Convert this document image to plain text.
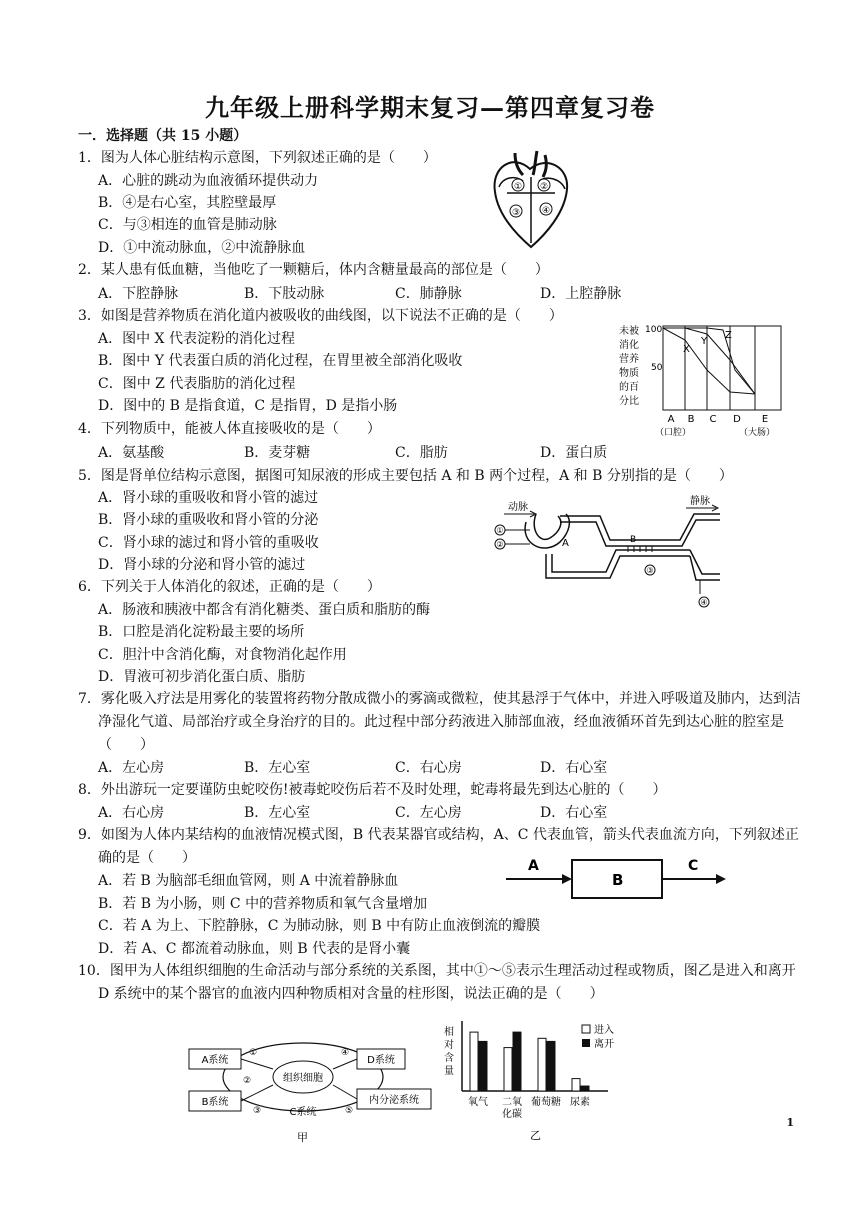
九年级上册科学期末复习—第四章复习卷
一．选择题（共 15 小题）
1．图为人体心脏结构示意图，下列叙述正确的是（　　）
A．心脏的跳动为血液循环提供动力
B．④是右心室，其腔壁最厚
C．与③相连的血管是肺动脉
D．①中流动脉血，②中流静脉血
① ②
③ ④
2．某人患有低血糖，当他吃了一颗糖后，体内含糖量最高的部位是（　　）
A．下腔静脉	B．下肢动脉	C．肺静脉	D．上腔静脉
3．如图是营养物质在消化道内被吸收的曲线图，以下说法不正确的是（　　）
A．图中 X 代表淀粉的消化过程
B．图中 Y 代表蛋白质的消化过程，在胃里被全部消化吸收
C．图中 Z 代表脂肪的消化过程
D．图中的 B 是指食道，C 是指胃，D 是指小肠
未被
消化
营养
物质
的百
分比
100
50
X
Y
Z
A B C D E
（口腔）	（大肠）
4．下列物质中，能被人体直接吸收的是（　　）
A．氨基酸	B．麦芽糖	C．脂肪	D．蛋白质
5．图是肾单位结构示意图，据图可知尿液的形成主要包括 A 和 B 两个过程，A 和 B 分别指的是（　　）
A．肾小球的重吸收和肾小管的滤过
B．肾小球的重吸收和肾小管的分泌
C．肾小球的滤过和肾小管的重吸收
D．肾小球的分泌和肾小管的滤过
动脉
静脉
①
②	A	B
③
④
6．下列关于人体消化的叙述，正确的是（　　）
A．肠液和胰液中都含有消化糖类、蛋白质和脂肪的酶
B．口腔是消化淀粉最主要的场所
C．胆汁中含消化酶，对食物消化起作用
D．胃液可初步消化蛋白质、脂肪
7．雾化吸入疗法是用雾化的装置将药物分散成微小的雾滴或微粒，使其悬浮于气体中，并进入呼吸道及肺内，达到洁净湿化气道、局部治疗或全身治疗的目的。此过程中部分药液进入肺部血液，经血液循环首先到达心脏的腔室是（　　）
A．左心房	B．左心室	C．右心房	D．右心室
8．外出游玩一定要谨防虫蛇咬伤!被毒蛇咬伤后若不及时处理，蛇毒将最先到达心脏的（　　）
A．右心房	B．左心室	C．左心房	D．右心室
9．如图为人体内某结构的血液情况模式图，B 代表某器官或结构，A、C 代表血管，箭头代表血流方向，下列叙述正确的是（　　）
A．若 B 为脑部毛细血管网，则 A 中流着静脉血
B．若 B 为小肠，则 C 中的营养物质和氧气含量增加
C．若 A 为上、下腔静脉，C 为肺动脉，则 B 中有防止血液倒流的瓣膜
D．若 A、C 都流着动脉血，则 B 代表的是肾小囊
A
B
C
10．图甲为人体组织细胞的生命活动与部分系统的关系图，其中①～⑤表示生理活动过程或物质，图乙是进入和离开 D 系统中的某个器官的血液内四种物质相对含量的柱形图，说法正确的是（　　）
A系统
B系统
D系统
内分泌系统
组织细胞
C系统
①
②
③
④
⑤
甲
相
对
含
量
氧气 二氧
化碳
葡萄糖 尿素
进入
离开
乙
1
